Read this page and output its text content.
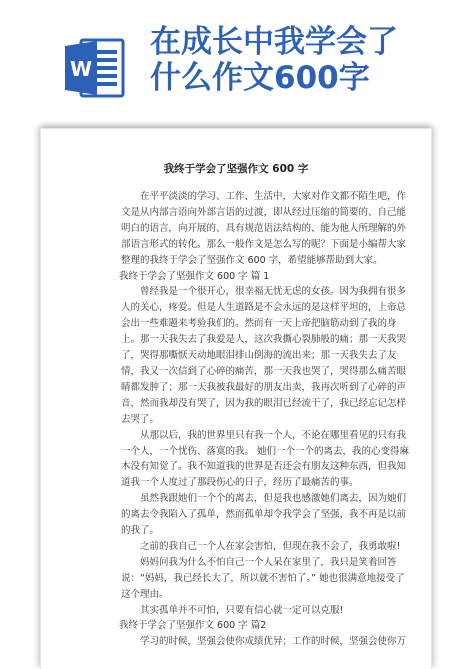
W
在成长中我学会了
什么作文600字
我终于学会了坚强作文 600 字

在平平淡淡的学习、工作、生活中，大家对作文都不陌生吧，作文是从内部言语向外部言语的过渡，即从经过压缩的简要的、自己能明白的语言，向开展的、具有规范语法结构的、能为他人所理解的外部语言形式的转化。那么一般作文是怎么写的呢？下面是小编帮大家整理的我终于学会了坚强作文 600 字，希望能够帮助到大家。

我终于学会了坚强作文 600 字 篇 1

曾经我是一个很开心，很幸福无忧无虑的女孩。因为我拥有很多人的关心，疼爱。但是人生道路是不会永远的是这样平坦的，上帝总会出一些难题来考验我们的。然而有一天上帝把脑筋动到了我的身上。那一天我失去了我爱是人，这次我撕心裂肺般的痛；那一天我哭了，哭得那嘶恹天动地眼泪排山倒海的流出来；那一天我失去了友情，我又一次信到了心碎的痛苦，那一天我也哭了，哭得那么痛苦眼睛都发肿了；那一天我被我最好的朋友出卖，我再次听到了心碎的声音，然而我却没有哭了，因为我的眼泪已经流干了，我已经忘记怎样去哭了。

从那以后，我的世界里只有我一个人，不论在哪里看见的只有我一个人，一个忧伤、落寞的我。 她们一个一个的离去，我的心变得麻木没有知觉了。我不知道我的世界是否还会有朋友这种东西，但我知道我一个人度过了那段伤心的日子，经历了最痛苦的事。

虽然我跟她们一个个的离去，但是我也感激她们离去，因为她们的离去令我陷入了孤单，然而孤单却令我学会了坚强，我不再是以前的我了。

之前的我自己一个人在家会害怕，但现在我不会了，我勇敢啦!

妈妈问我为什么不怕自己一个人呆在家里了，我只是笑着回答说：“妈妈，我已经长大了，所以就不害怕了。” 她也很满意地接受了这个理由。

其实孤单并不可怕，只要有信心就一定可以克服!

我终于学会了坚强作文 600 字 篇2

学习的时候，坚强会使你成绩优异；工作的时候，坚强会使你万
